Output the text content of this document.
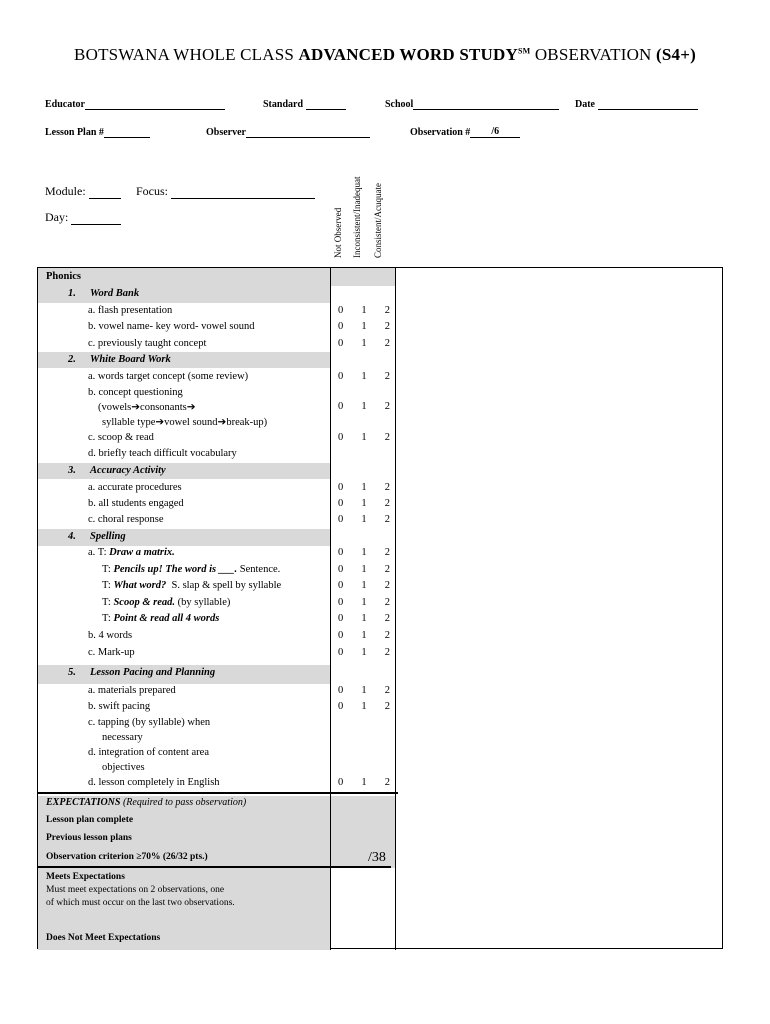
BOTSWANA WHOLE CLASS ADVANCED WORD STUDY℠ OBSERVATION (S4+)
Educator	Standard	School	Date
Lesson Plan #	Observer	Observation # /6
Module:	Focus:
Day:	Not Observed Inconsistent/Inadequat Consistent/Acuquate
Phonics
1. Word Bank
a. flash presentation	0 1 2
b. vowel name- key word- vowel sound	0 1 2
c. previously taught concept	0 1 2
2. White Board Work
a. words target concept (some review)	0 1 2
b. concept questioning
(vowels➔consonants➔	0 1 2
syllable type➔vowel sound➔break-up)
c. scoop & read	0 1 2
d. briefly teach difficult vocabulary
3. Accuracy Activity
a. accurate procedures	0 1 2
b. all students engaged	0 1 2
c. choral response	0 1 2
4. Spelling
a. T: Draw a matrix.	0 1 2
T: Pencils up! The word is ___. Sentence.	0 1 2
T: What word?  S. slap & spell by syllable	0 1 2
T: Scoop & read. (by syllable)	0 1 2
T: Point & read all 4 words	0 1 2
b. 4 words	0 1 2
c. Mark-up	0 1 2
5. Lesson Pacing and Planning
a. materials prepared	0 1 2
b. swift pacing	0 1 2
c. tapping (by syllable) when
necessary
d. integration of content area
objectives
d. lesson completely in English	0 1 2
EXPECTATIONS (Required to pass observation)
Lesson plan complete
Previous lesson plans
Observation criterion ≥70% (26/32 pts.)	/38
Meets Expectations
Must meet expectations on 2 observations, one
of which must occur on the last two observations.
Does Not Meet Expectations
